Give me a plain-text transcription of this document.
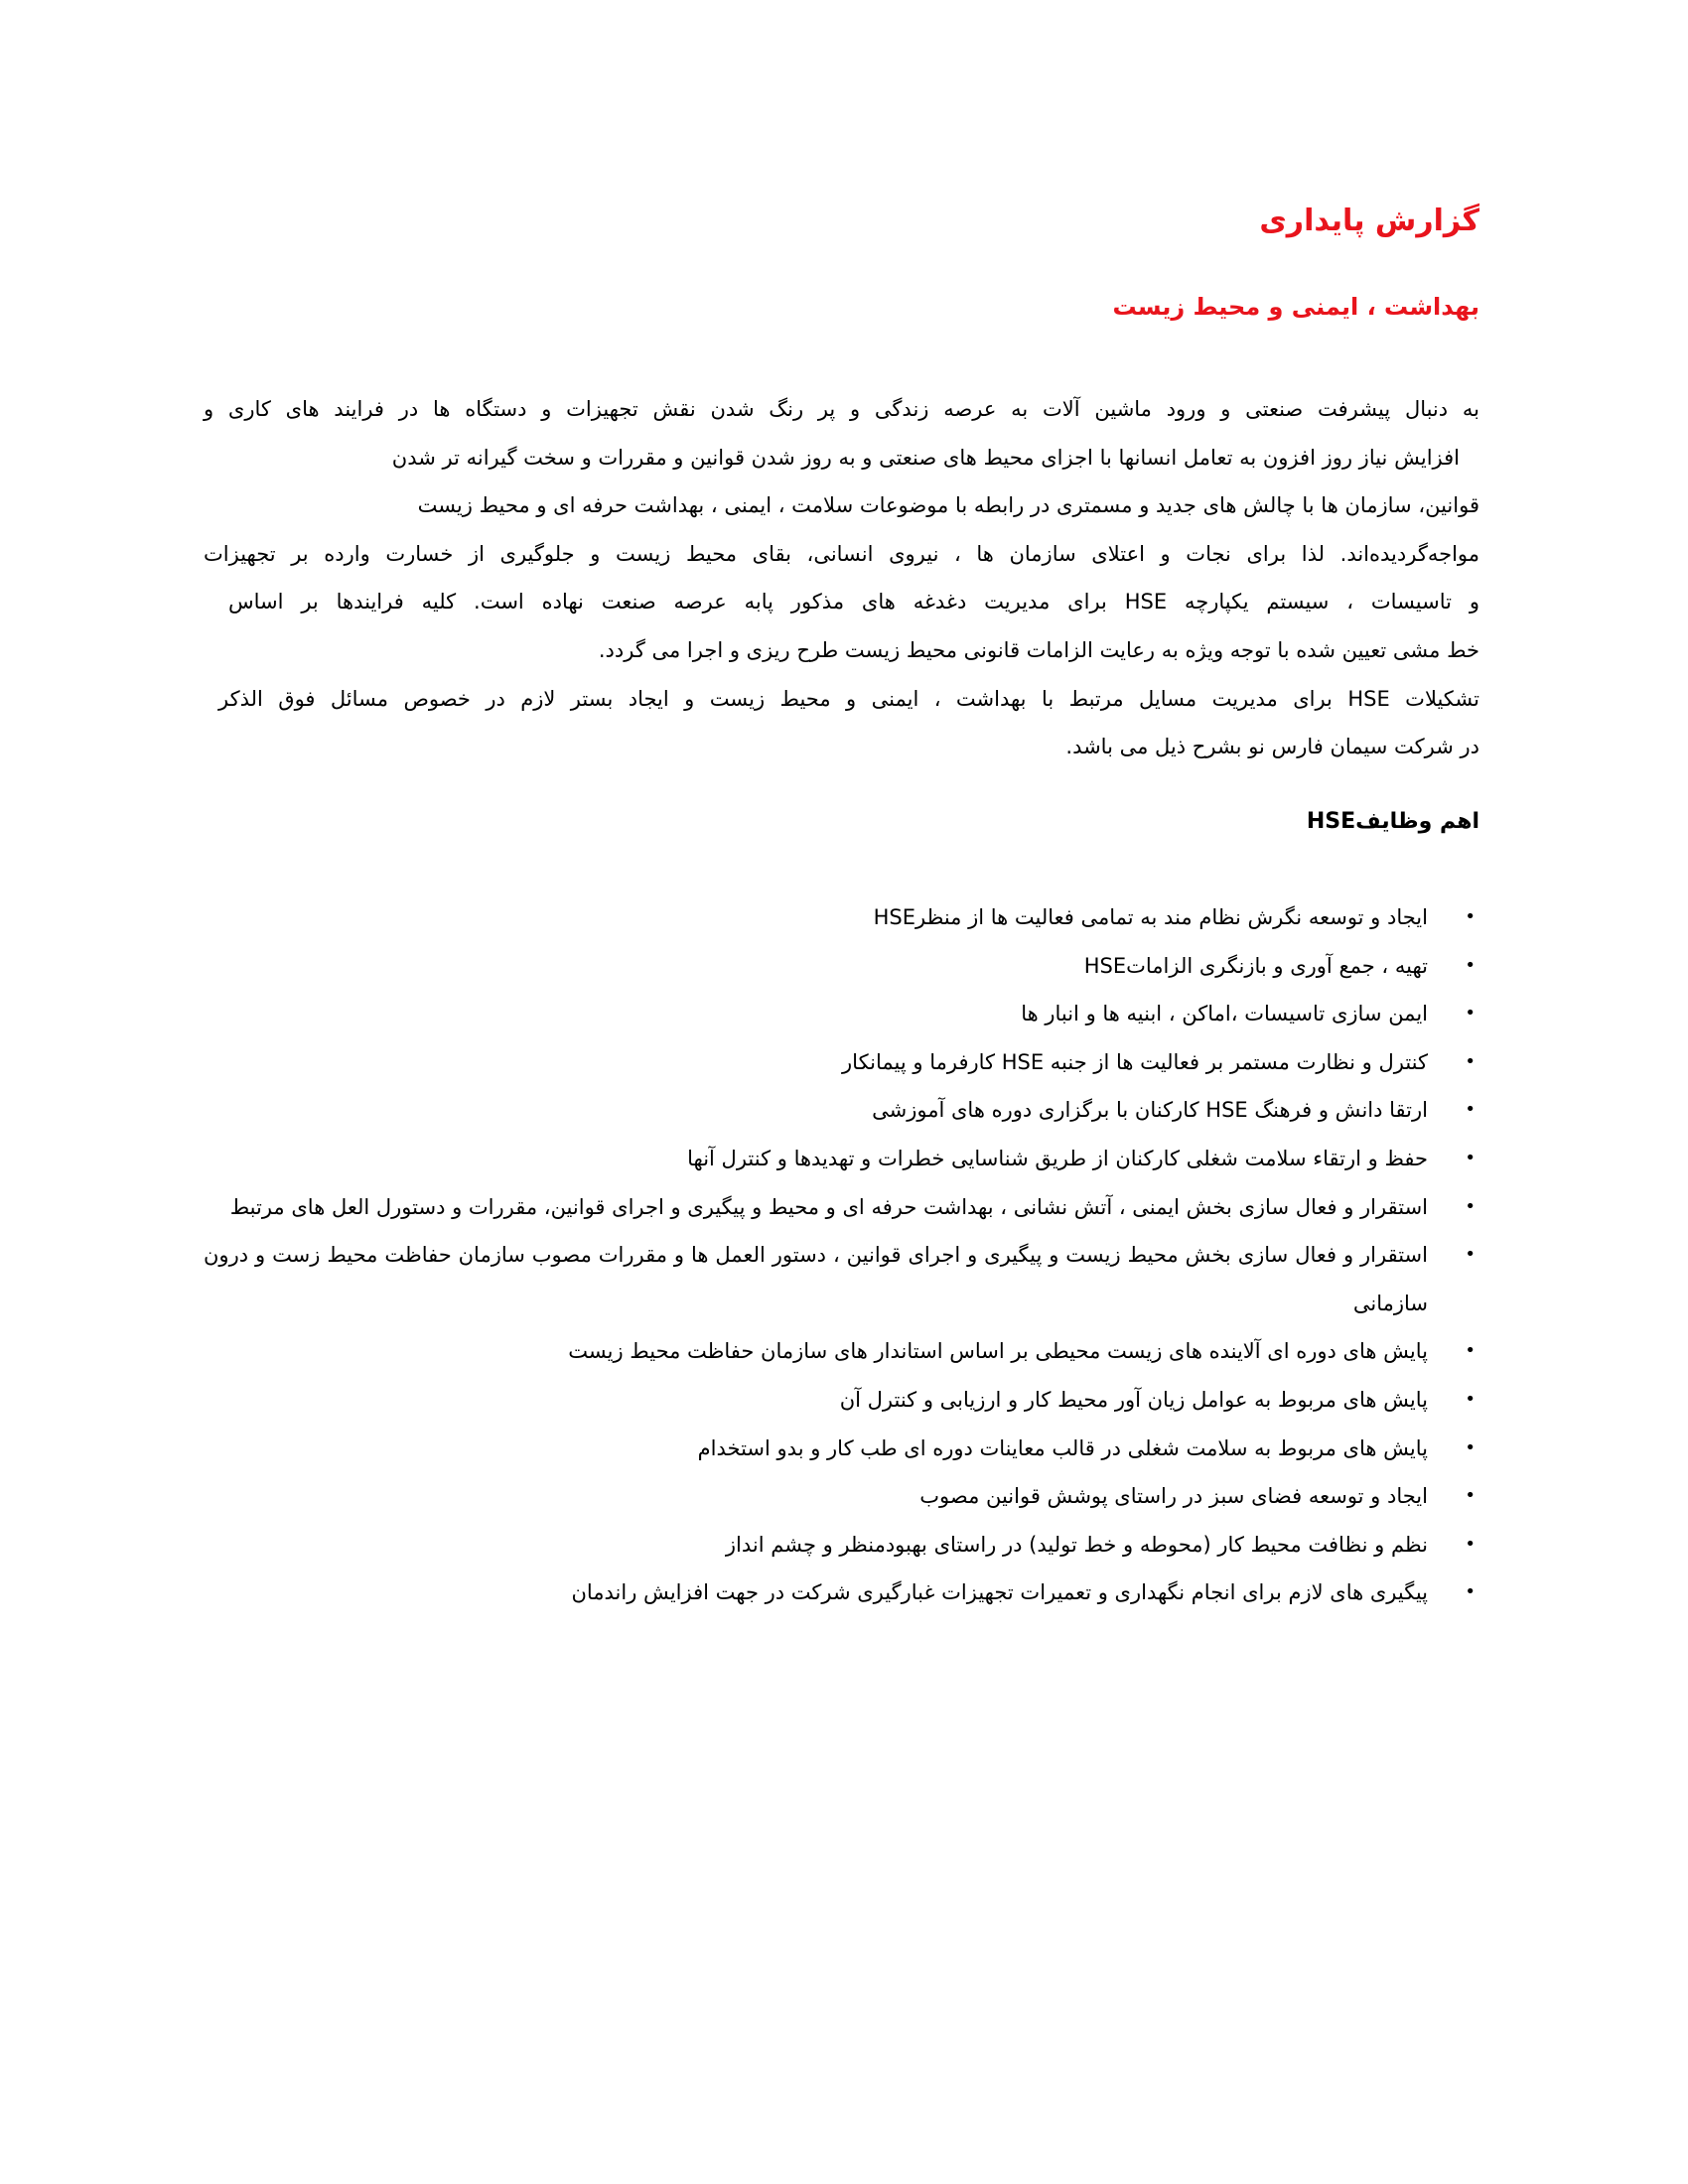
گزارش پایداری
بهداشت ، ایمنی و محیط زیست
به دنبال پیشرفت صنعتی و ورود ماشین آلات به عرصه زندگی و پر رنگ شدن نقش تجهیزات و دستگاه ها در فرایند های کاری و
افزایش نیاز روز افزون به تعامل انسانها با اجزای محیط های صنعتی و به روز شدن قوانین و مقررات و سخت گیرانه تر شدن
قوانین، سازمان ها با چالش های جدید و مسمتری در رابطه با موضوعات سلامت ، ایمنی ، بهداشت حرفه ای و محیط زیست
مواجه‌گردیده‌اند. لذا برای نجات و اعتلای سازمان ها ، نیروی انسانی، بقای محیط زیست و جلوگیری از خسارت وارده بر تجهیزات
و تاسیسات ، سیستم یکپارچه HSE برای مدیریت دغدغه های مذکور پابه عرصه صنعت نهاده است. کلیه فرایندها بر اساس
خط مشی تعیین شده با توجه ویژه به رعایت الزامات قانونی محیط زیست طرح ریزی و اجرا می گردد.
تشکیلات HSE برای مدیریت مسایل مرتبط با بهداشت ، ایمنی و محیط زیست و ایجاد بستر لازم در خصوص مسائل فوق الذکر
در شرکت سیمان فارس نو بشرح ذیل می باشد.
اهم وظایفHSE
•
ایجاد و توسعه نگرش نظام مند به تمامی فعالیت ها از منظرHSE
•
تهیه ، جمع آوری و بازنگری الزاماتHSE
•
ایمن سازی تاسیسات ،اماکن ، ابنیه ها و انبار ها
•
کنترل و نظارت مستمر بر فعالیت ها از جنبه HSE کارفرما و پیمانکار
•
ارتقا دانش و فرهنگ HSE کارکنان با برگزاری دوره های آموزشی
•
حفظ و ارتقاء سلامت شغلی کارکنان از طریق شناسایی خطرات و تهدیدها و کنترل آنها
•
استقرار و فعال سازی بخش ایمنی ، آتش نشانی ، بهداشت حرفه ای و محیط و پیگیری و اجرای قوانین، مقررات و دستورل العل های مرتبط
•
استقرار و فعال سازی بخش محیط زیست و پیگیری و اجرای قوانین ، دستور العمل ها و مقررات مصوب سازمان حفاظت محیط زست و درون سازمانی
•
پایش های دوره ای آلاینده های زیست محیطی بر اساس استاندار های سازمان حفاظت محیط زیست
•
پایش های مربوط به عوامل زیان آور محیط کار و ارزیابی و کنترل آن
•
پایش های مربوط به سلامت شغلی در قالب معاینات دوره ای طب کار و بدو استخدام
•
ایجاد و توسعه فضای سبز در راستای پوشش قوانین مصوب
•
نظم و نظافت محیط کار (محوطه و خط تولید) در راستای بهبودمنظر و چشم انداز
•
پیگیری های لازم برای انجام نگهداری و تعمیرات تجهیزات غبارگیری شرکت در جهت افزایش راندمان
